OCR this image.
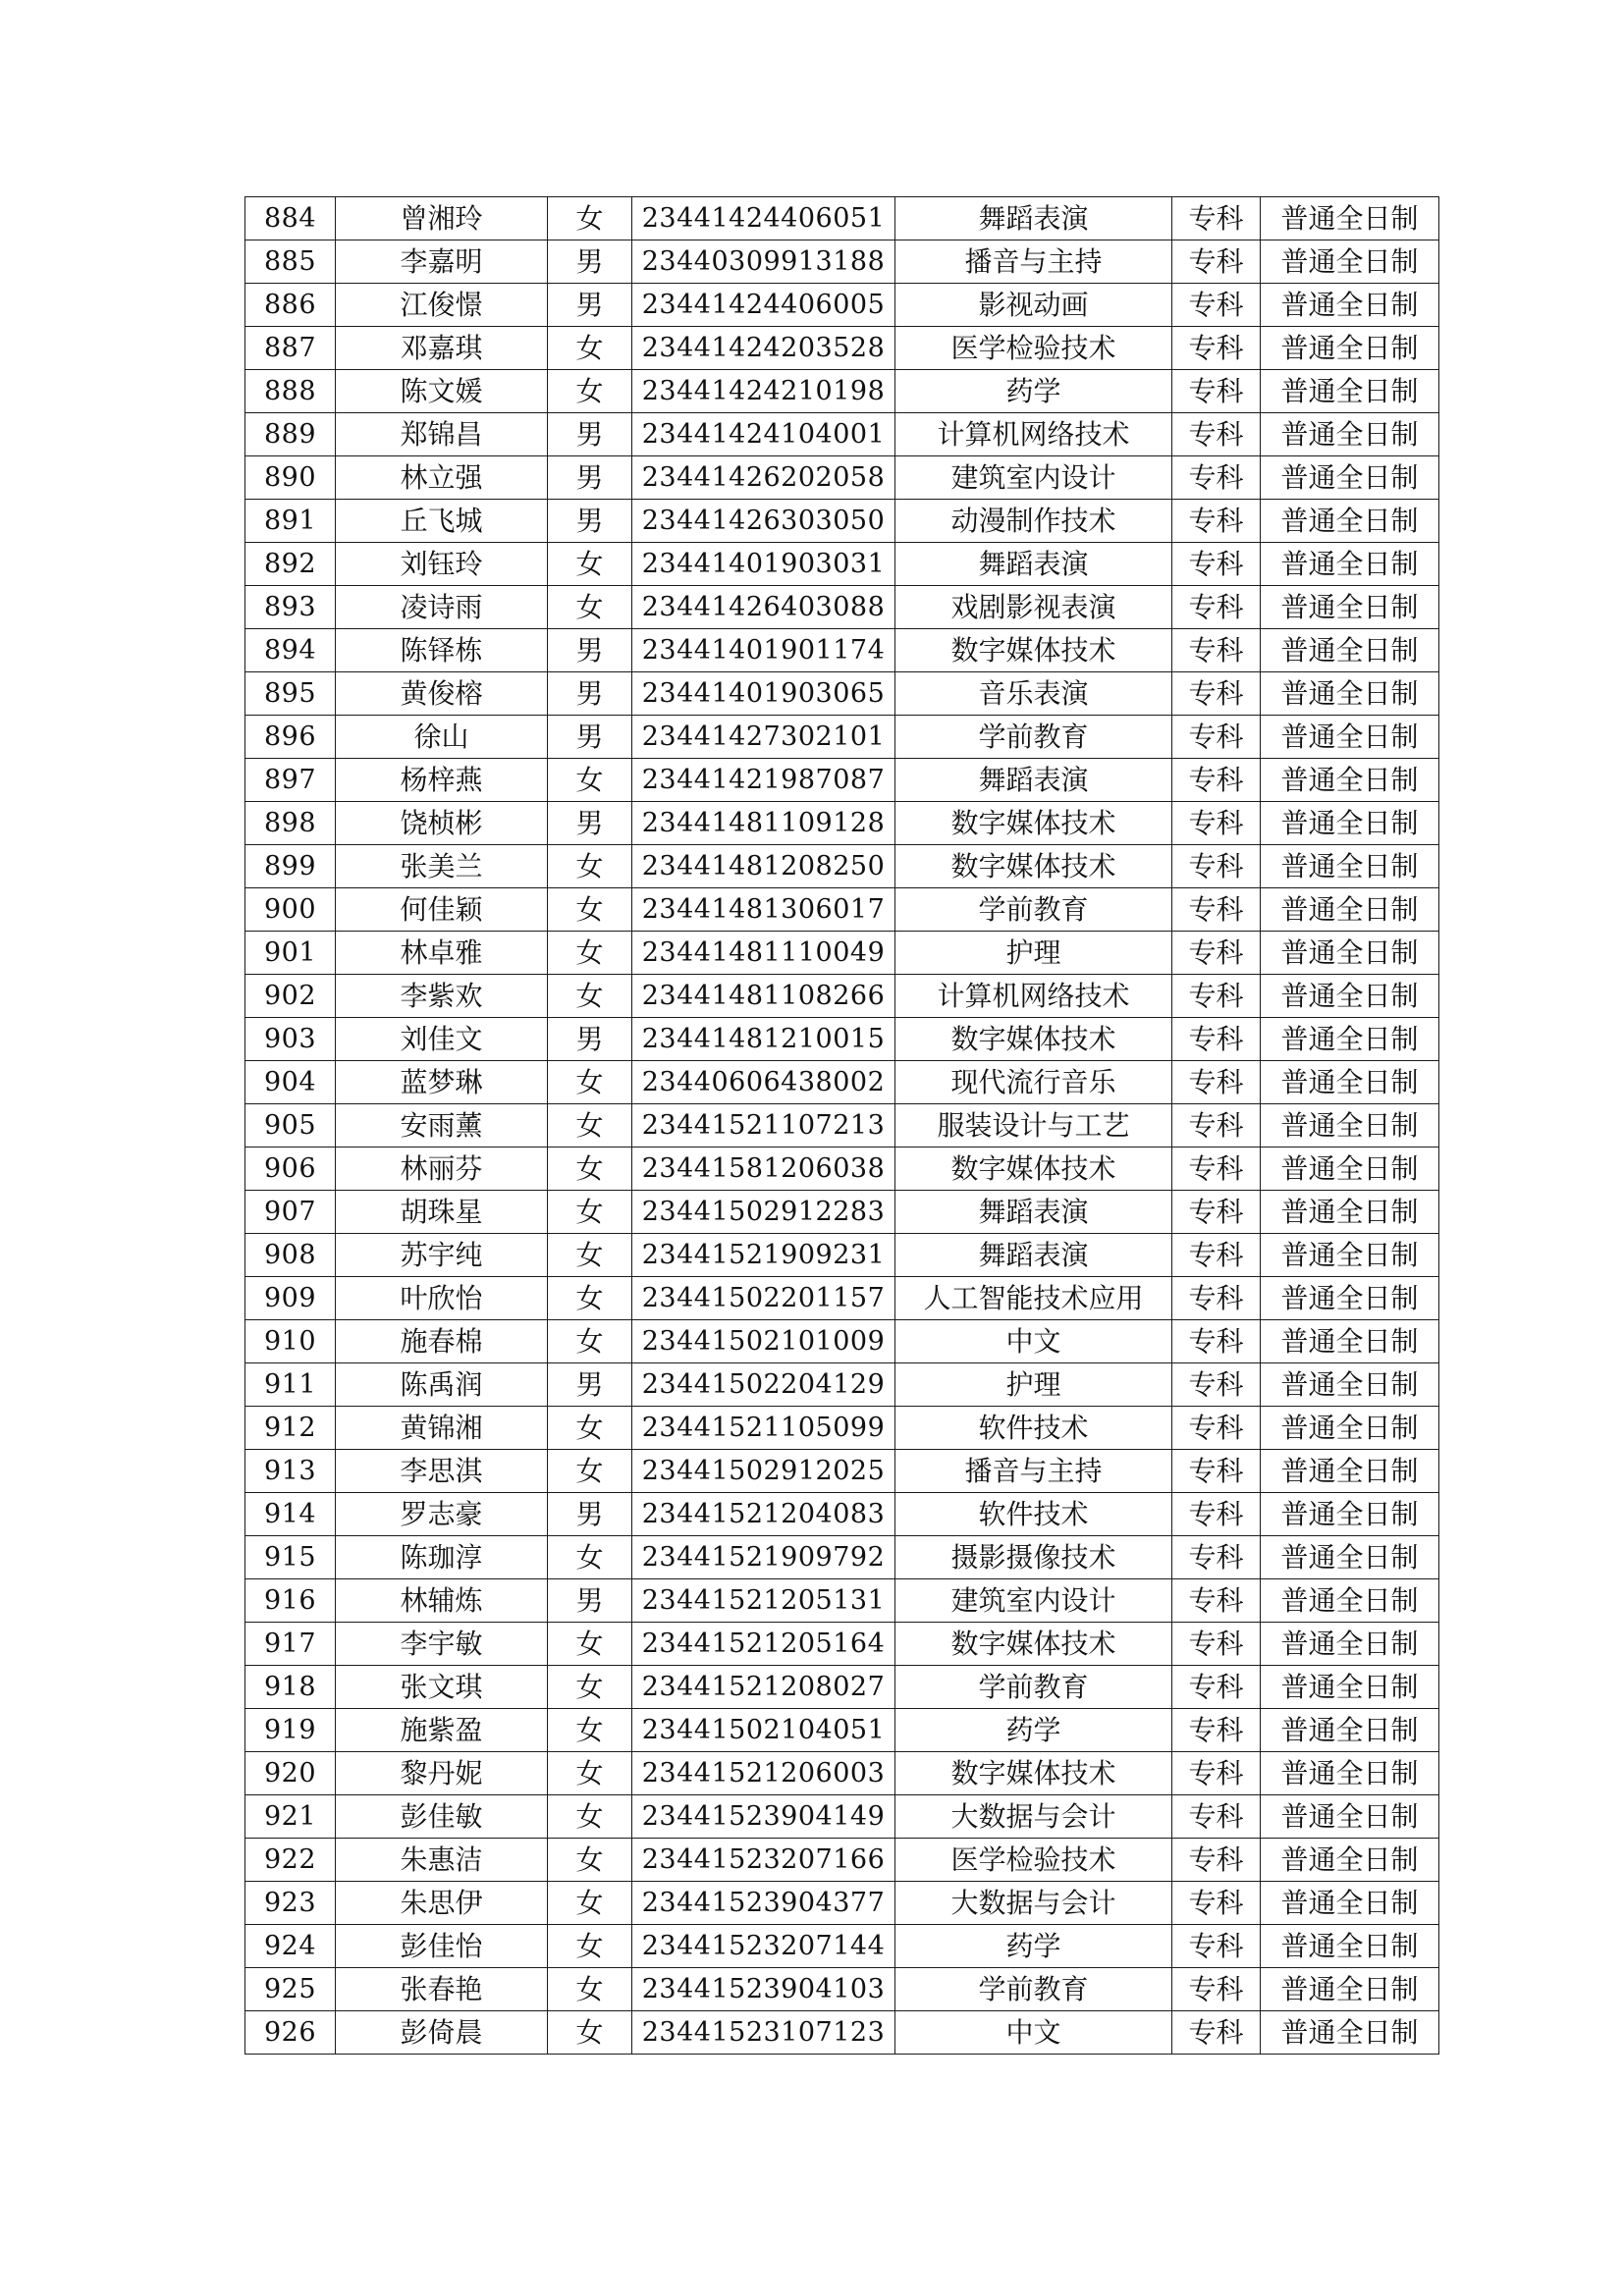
884	曾湘玲	女	23441424406051	舞蹈表演	专科	普通全日制
885	李嘉明	男	23440309913188	播音与主持	专科	普通全日制
886	江俊憬	男	23441424406005	影视动画	专科	普通全日制
887	邓嘉琪	女	23441424203528	医学检验技术	专科	普通全日制
888	陈文媛	女	23441424210198	药学	专科	普通全日制
889	郑锦昌	男	23441424104001	计算机网络技术	专科	普通全日制
890	林立强	男	23441426202058	建筑室内设计	专科	普通全日制
891	丘飞城	男	23441426303050	动漫制作技术	专科	普通全日制
892	刘钰玲	女	23441401903031	舞蹈表演	专科	普通全日制
893	凌诗雨	女	23441426403088	戏剧影视表演	专科	普通全日制
894	陈铎栋	男	23441401901174	数字媒体技术	专科	普通全日制
895	黄俊榕	男	23441401903065	音乐表演	专科	普通全日制
896	徐山	男	23441427302101	学前教育	专科	普通全日制
897	杨梓燕	女	23441421987087	舞蹈表演	专科	普通全日制
898	饶桢彬	男	23441481109128	数字媒体技术	专科	普通全日制
899	张美兰	女	23441481208250	数字媒体技术	专科	普通全日制
900	何佳颖	女	23441481306017	学前教育	专科	普通全日制
901	林卓雅	女	23441481110049	护理	专科	普通全日制
902	李紫欢	女	23441481108266	计算机网络技术	专科	普通全日制
903	刘佳文	男	23441481210015	数字媒体技术	专科	普通全日制
904	蓝梦琳	女	23440606438002	现代流行音乐	专科	普通全日制
905	安雨薰	女	23441521107213	服装设计与工艺	专科	普通全日制
906	林丽芬	女	23441581206038	数字媒体技术	专科	普通全日制
907	胡珠星	女	23441502912283	舞蹈表演	专科	普通全日制
908	苏宇纯	女	23441521909231	舞蹈表演	专科	普通全日制
909	叶欣怡	女	23441502201157	人工智能技术应用	专科	普通全日制
910	施春棉	女	23441502101009	中文	专科	普通全日制
911	陈禹润	男	23441502204129	护理	专科	普通全日制
912	黄锦湘	女	23441521105099	软件技术	专科	普通全日制
913	李思淇	女	23441502912025	播音与主持	专科	普通全日制
914	罗志豪	男	23441521204083	软件技术	专科	普通全日制
915	陈珈淳	女	23441521909792	摄影摄像技术	专科	普通全日制
916	林辅炼	男	23441521205131	建筑室内设计	专科	普通全日制
917	李宇敏	女	23441521205164	数字媒体技术	专科	普通全日制
918	张文琪	女	23441521208027	学前教育	专科	普通全日制
919	施紫盈	女	23441502104051	药学	专科	普通全日制
920	黎丹妮	女	23441521206003	数字媒体技术	专科	普通全日制
921	彭佳敏	女	23441523904149	大数据与会计	专科	普通全日制
922	朱惠洁	女	23441523207166	医学检验技术	专科	普通全日制
923	朱思伊	女	23441523904377	大数据与会计	专科	普通全日制
924	彭佳怡	女	23441523207144	药学	专科	普通全日制
925	张春艳	女	23441523904103	学前教育	专科	普通全日制
926	彭倚晨	女	23441523107123	中文	专科	普通全日制
